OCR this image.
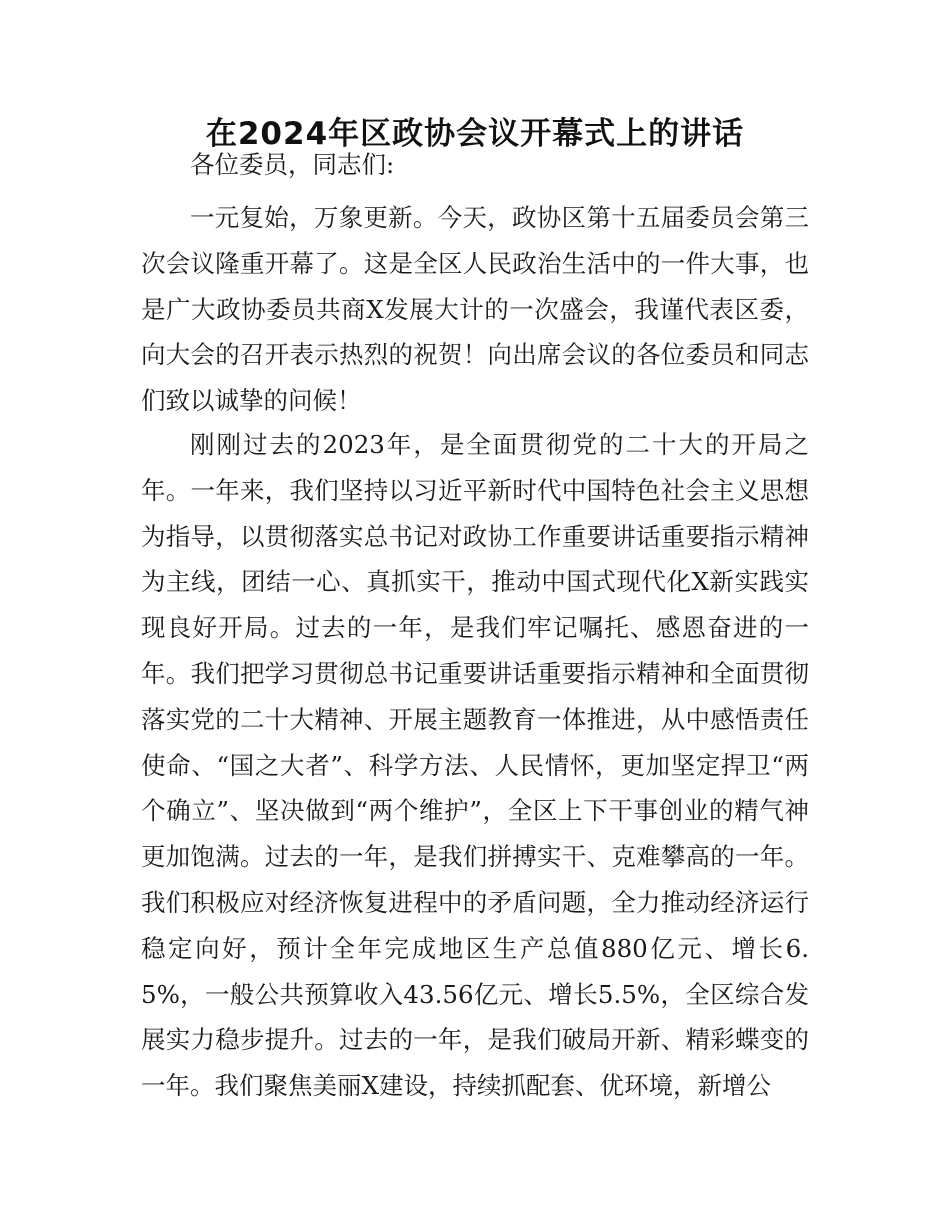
在2024年区政协会议开幕式上的讲话

各位委员，同志们:

一元复始，万象更新。今天，政协区第十五届委员会第三次会议隆重开幕了。这是全区人民政治生活中的一件大事，也是广大政协委员共商X发展大计的一次盛会，我谨代表区委，向大会的召开表示热烈的祝贺！向出席会议的各位委员和同志们致以诚挚的问候！

刚刚过去的2023年，是全面贯彻党的二十大的开局之年。一年来，我们坚持以习近平新时代中国特色社会主义思想为指导，以贯彻落实总书记对政协工作重要讲话重要指示精神为主线，团结一心、真抓实干，推动中国式现代化X新实践实现良好开局。过去的一年，是我们牢记嘱托、感恩奋进的一年。我们把学习贯彻总书记重要讲话重要指示精神和全面贯彻落实党的二十大精神、开展主题教育一体推进，从中感悟责任使命、“国之大者”、科学方法、人民情怀，更加坚定捍卫“两个确立”、坚决做到“两个维护”，全区上下干事创业的精气神更加饱满。过去的一年，是我们拼搏实干、克难攀高的一年。我们积极应对经济恢复进程中的矛盾问题，全力推动经济运行稳定向好，预计全年完成地区生产总值880亿元、增长6.5%，一般公共预算收入43.56亿元、增长5.5%，全区综合发展实力稳步提升。过去的一年，是我们破局开新、精彩蝶变的一年。我们聚焦美丽X建设，持续抓配套、优环境，新增公
